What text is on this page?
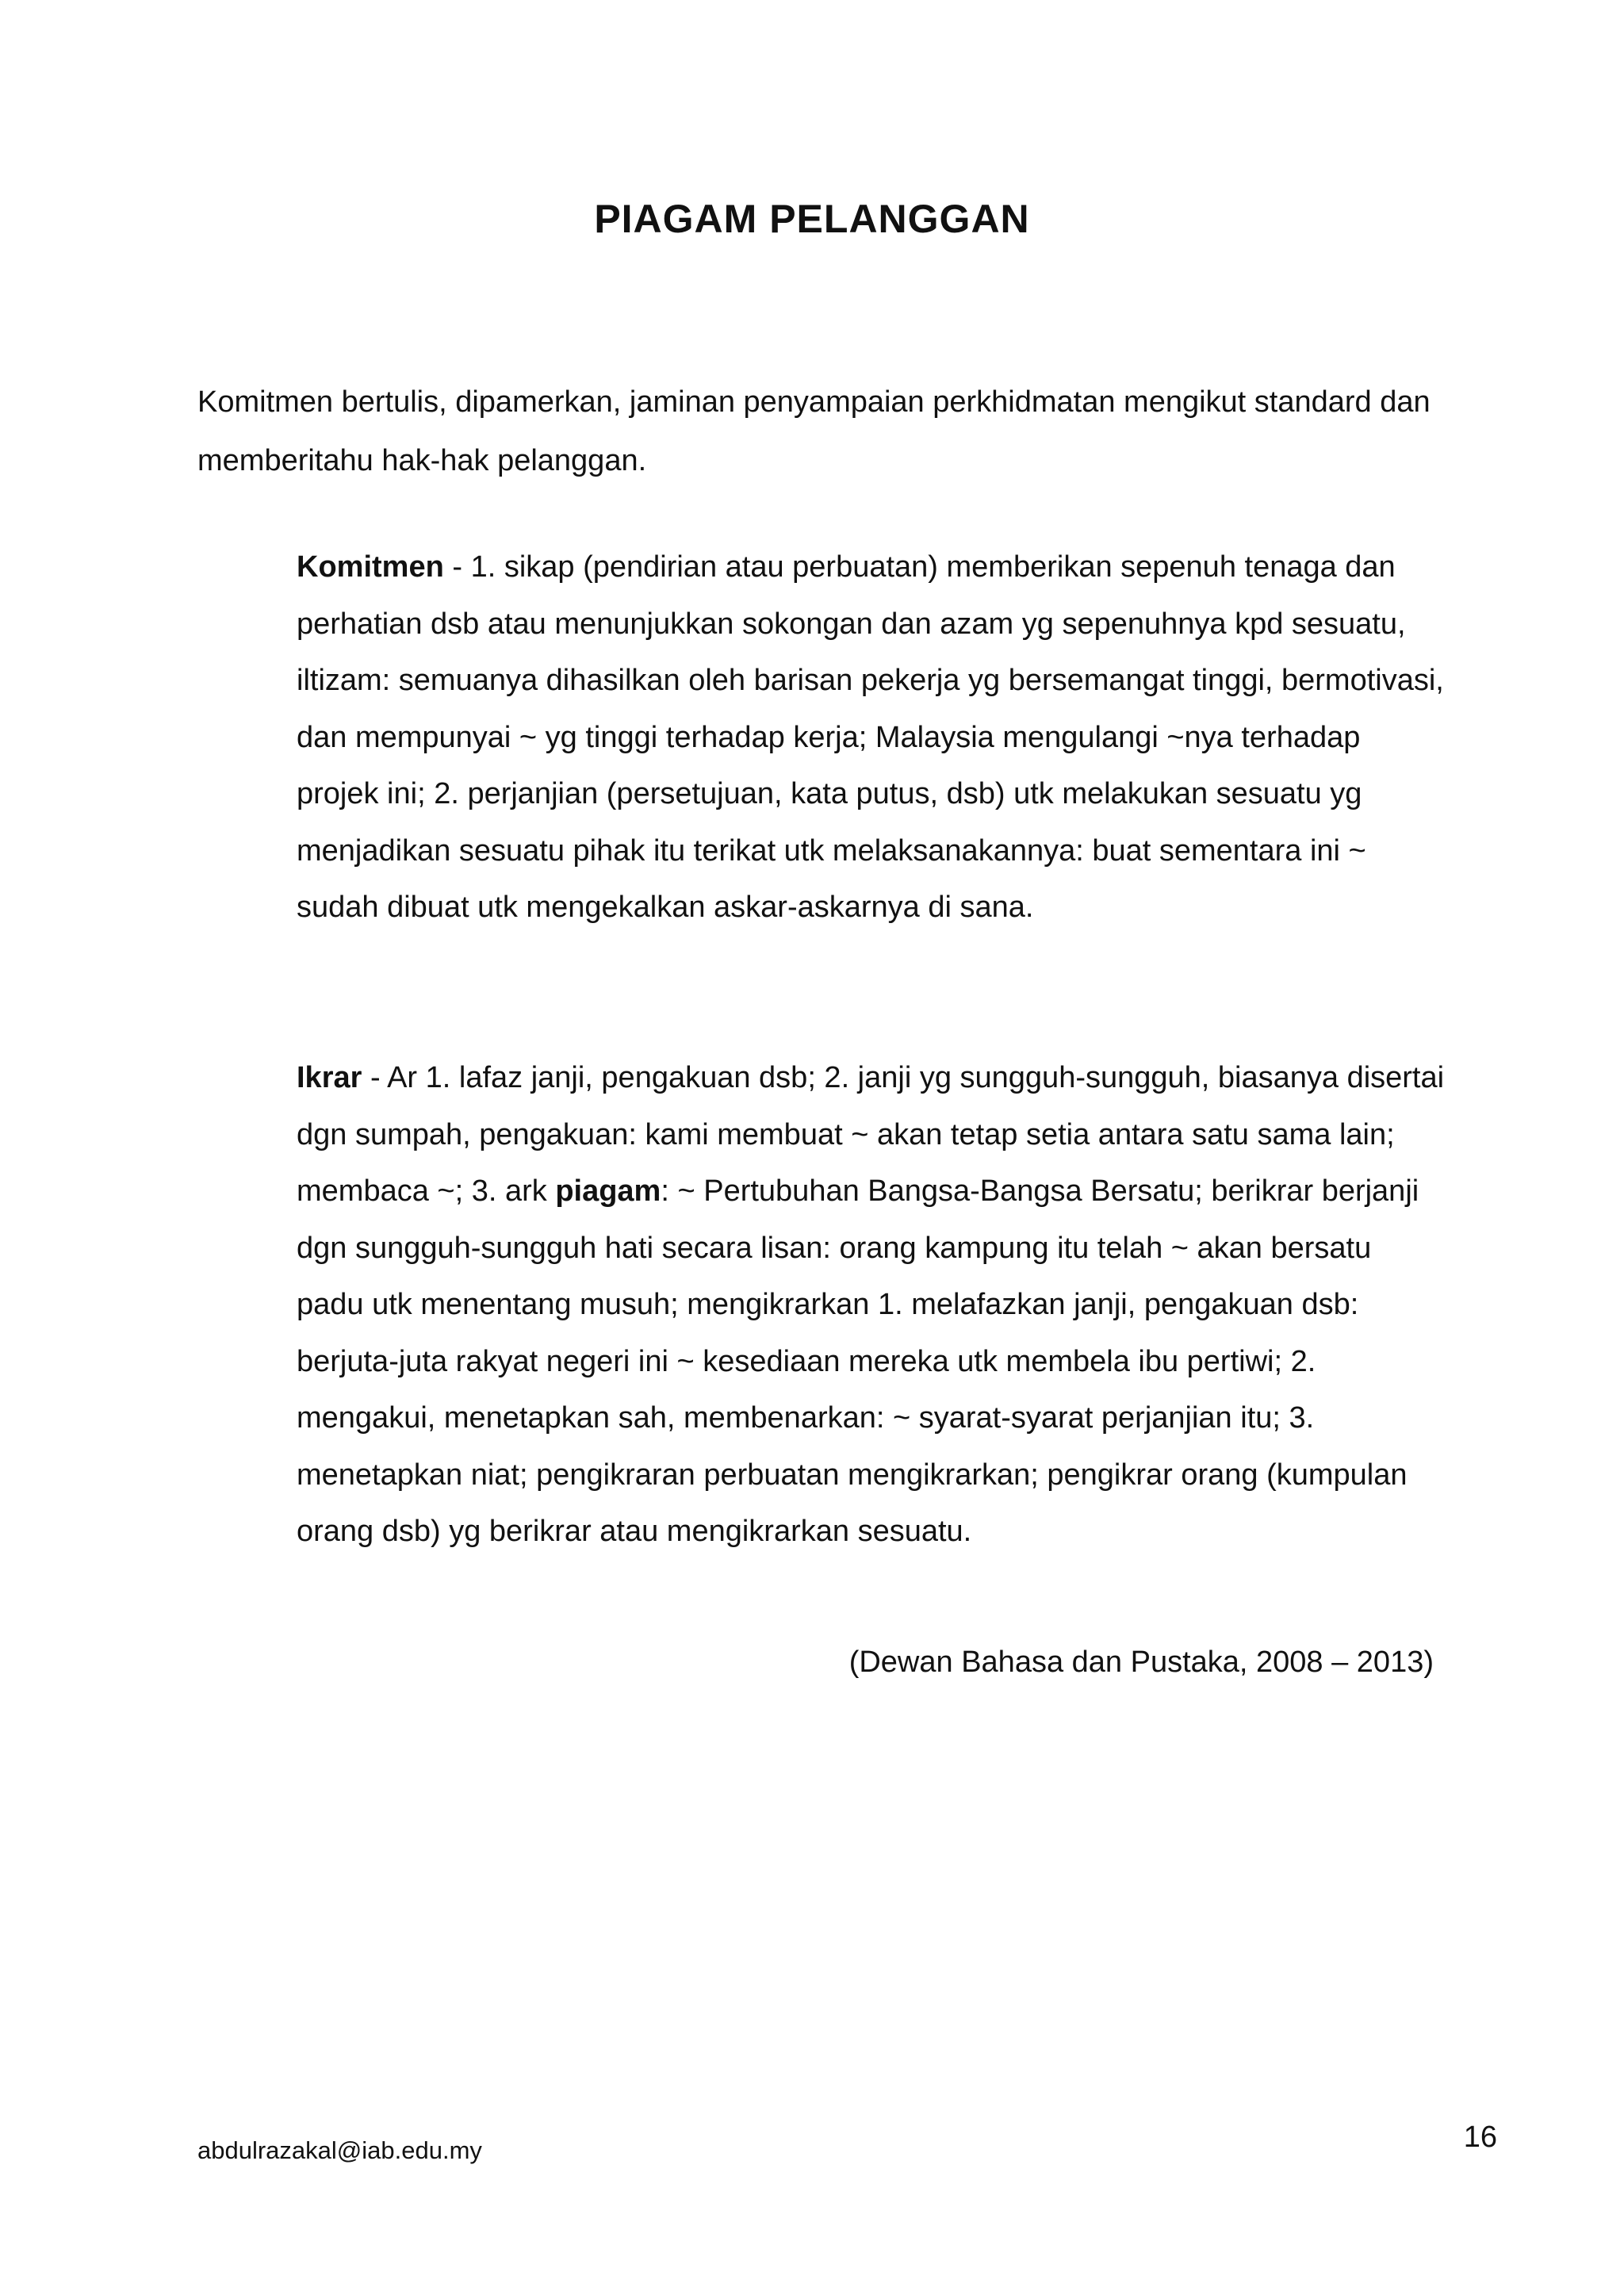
PIAGAM PELANGGAN

Komitmen bertulis, dipamerkan, jaminan penyampaian perkhidmatan mengikut standard dan memberitahu hak-hak pelanggan.

Komitmen - 1. sikap (pendirian atau perbuatan) memberikan sepenuh tenaga dan perhatian dsb atau menunjukkan sokongan dan azam yg sepenuhnya kpd sesuatu, iltizam: semuanya dihasilkan oleh barisan pekerja yg bersemangat tinggi, bermotivasi, dan mempunyai ~ yg tinggi terhadap kerja; Malaysia mengulangi ~nya terhadap projek ini; 2. perjanjian (persetujuan, kata putus, dsb) utk melakukan sesuatu yg menjadikan sesuatu pihak itu terikat utk melaksanakannya: buat sementara ini ~ sudah dibuat utk mengekalkan askar-askarnya di sana.

Ikrar - Ar 1. lafaz janji, pengakuan dsb; 2. janji yg sungguh-sungguh, biasanya disertai dgn sumpah, pengakuan: kami membuat ~ akan tetap setia antara satu sama lain; membaca ~; 3. ark piagam: ~ Pertubuhan Bangsa-Bangsa Bersatu; berikrar berjanji dgn sungguh-sungguh hati secara lisan: orang kampung itu telah ~ akan bersatu padu utk menentang musuh; mengikrarkan 1. melafazkan janji, pengakuan dsb: berjuta-juta rakyat negeri ini ~ kesediaan mereka utk membela ibu pertiwi; 2. mengakui, menetapkan sah, membenarkan: ~ syarat-syarat perjanjian itu; 3. menetapkan niat; pengikraran perbuatan mengikrarkan; pengikrar orang (kumpulan orang dsb) yg berikrar atau mengikrarkan sesuatu.

(Dewan Bahasa dan Pustaka, 2008 – 2013)

abdulrazakal@iab.edu.my	16
